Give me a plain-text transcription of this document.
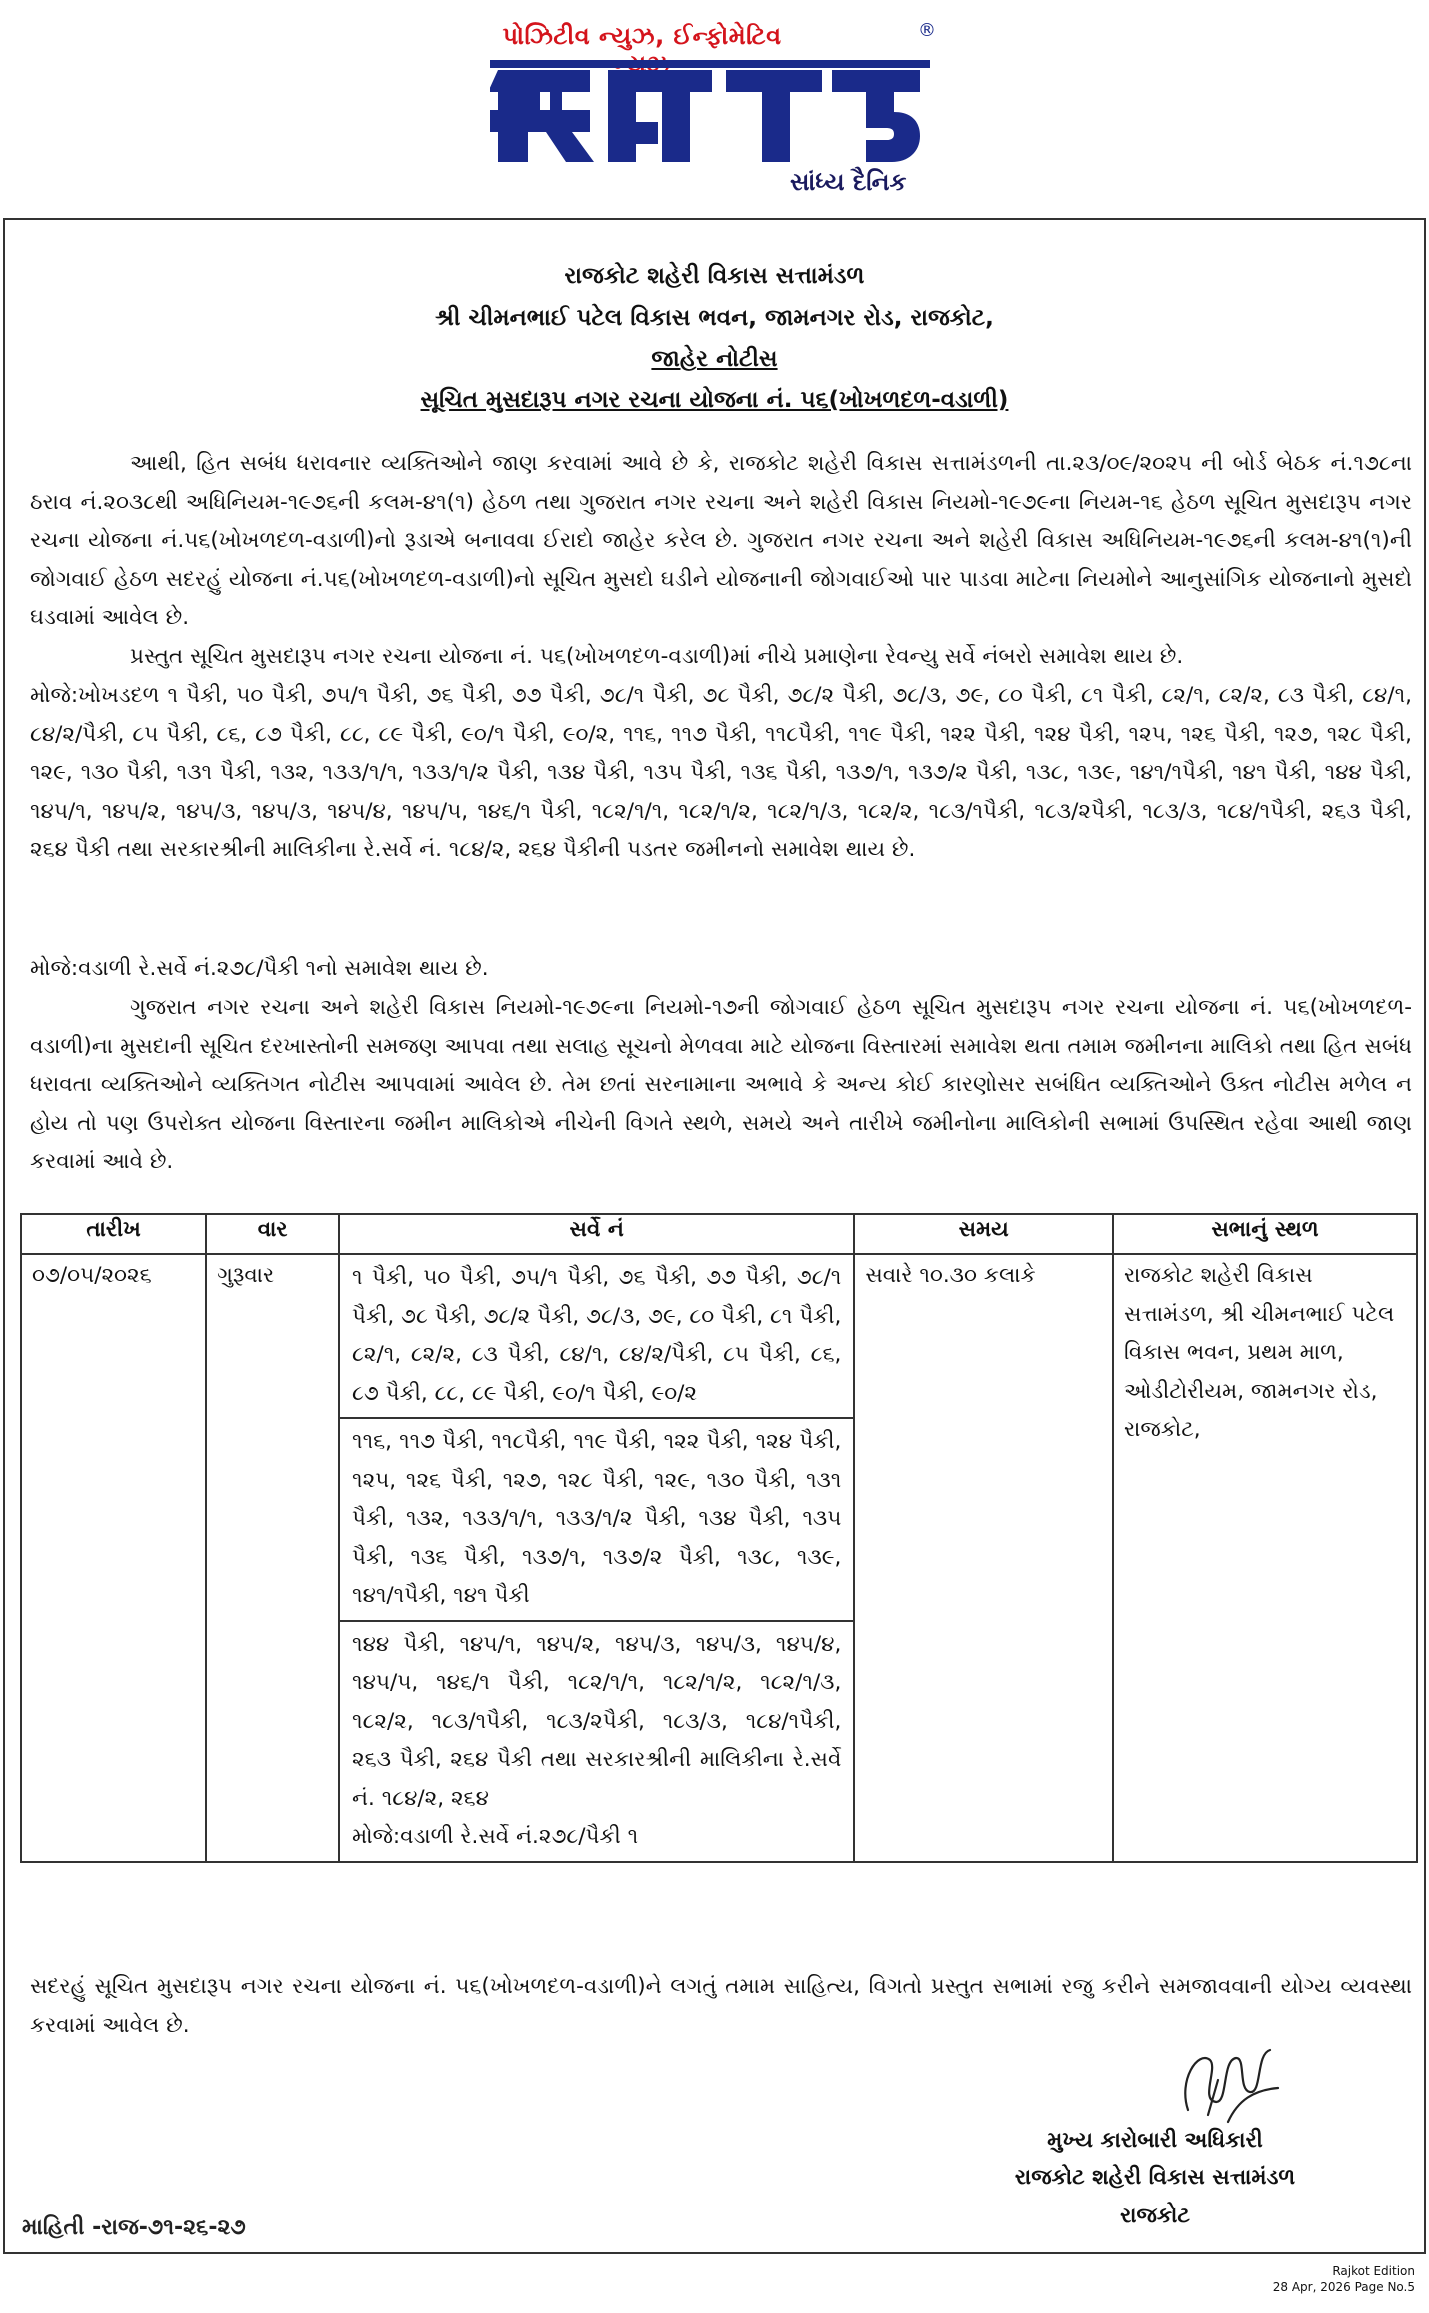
પોઝિટીવ ન્યુઝ, ઈન્ફોમેટિવ	®
સાંધ્ય દૈનિક
રાજકોટ શહેરી વિકાસ સત્તામંડળ
શ્રી ચીમનભાઈ પટેલ વિકાસ ભવન, જામનગર રોડ, રાજકોટ,
જાહેર નોટીસ
સૂચિત મુસદારૂપ નગર રચના યોજના નં. ૫૬(ખોખળદળ-વડાળી)

આથી, હિત સબંધ ધરાવનાર વ્યક્તિઓને જાણ કરવામાં આવે છે કે, રાજકોટ શહેરી વિકાસ સત્તામંડળની તા.૨૩/૦૯/૨૦૨૫ ની બોર્ડ બેઠક નં.૧૭૮ના ઠરાવ નં.૨૦૩૮થી અધિનિયમ-૧૯૭૬ની કલમ-૪૧(૧) હેઠળ તથા ગુજરાત નગર રચના અને શહેરી વિકાસ નિયમો-૧૯૭૯ના નિયમ-૧૬ હેઠળ સૂચિત મુસદારૂપ નગર રચના યોજના નં.૫૬(ખોખળદળ-વડાળી)નો રૂડાએ બનાવવા ઈરાદો જાહેર કરેલ છે. ગુજરાત નગર રચના અને શહેરી વિકાસ અધિનિયમ-૧૯૭૬ની કલમ-૪૧(૧)ની જોગવાઈ હેઠળ સદરહું યોજના નં.૫૬(ખોખળદળ-વડાળી)નો સૂચિત મુસદો ઘડીને યોજનાની જોગવાઈઓ પાર પાડવા માટેના નિયમોને આનુસાંગિક યોજનાનો મુસદો ઘડવામાં આવેલ છે.

પ્રસ્તુત સૂચિત મુસદારૂપ નગર રચના યોજના નં. ૫૬(ખોખળદળ-વડાળી)માં નીચે પ્રમાણેના રેવન્યુ સર્વે નંબરો સમાવેશ થાય છે.

મોજે:ખોખડદળ ૧ પૈકી, ૫૦ પૈકી, ૭૫/૧ પૈકી, ૭૬ પૈકી, ૭૭ પૈકી, ૭૮/૧ પૈકી, ૭૮ પૈકી, ૭૮/૨ પૈકી, ૭૮/૩, ૭૯, ૮૦ પૈકી, ૮૧ પૈકી, ૮૨/૧, ૮૨/૨, ૮૩ પૈકી, ૮૪/૧, ૮૪/૨/પૈકી, ૮૫ પૈકી, ૮૬, ૮૭ પૈકી, ૮૮, ૮૯ પૈકી, ૯૦/૧ પૈકી, ૯૦/૨, ૧૧૬, ૧૧૭ પૈકી, ૧૧૮પૈકી, ૧૧૯ પૈકી, ૧૨૨ પૈકી, ૧૨૪ પૈકી, ૧૨૫, ૧૨૬ પૈકી, ૧૨૭, ૧૨૮ પૈકી, ૧૨૯, ૧૩૦ પૈકી, ૧૩૧ પૈકી, ૧૩૨, ૧૩૩/૧/૧, ૧૩૩/૧/૨ પૈકી, ૧૩૪ પૈકી, ૧૩૫ પૈકી, ૧૩૬ પૈકી, ૧૩૭/૧, ૧૩૭/૨ પૈકી, ૧૩૮, ૧૩૯, ૧૪૧/૧પૈકી, ૧૪૧ પૈકી, ૧૪૪ પૈકી, ૧૪૫/૧, ૧૪૫/૨, ૧૪૫/૩, ૧૪૫/૩, ૧૪૫/૪, ૧૪૫/૫, ૧૪૬/૧ પૈકી, ૧૮૨/૧/૧, ૧૮૨/૧/૨, ૧૮૨/૧/૩, ૧૮૨/૨, ૧૮૩/૧પૈકી, ૧૮૩/૨પૈકી, ૧૮૩/૩, ૧૮૪/૧પૈકી, ૨૬૩ પૈકી, ૨૬૪ પૈકી તથા સરકારશ્રીની માલિકીના રે.સર્વે નં. ૧૮૪/૨, ૨૬૪ પૈકીની પડતર જમીનનો સમાવેશ થાય છે.

મોજે:વડાળી રે.સર્વે નં.૨૭૮/પૈકી ૧નો સમાવેશ થાય છે.

ગુજરાત નગર રચના અને શહેરી વિકાસ નિયમો-૧૯૭૯ના નિયમો-૧૭ની જોગવાઈ હેઠળ સૂચિત મુસદારૂપ નગર રચના યોજના નં. ૫૬(ખોખળદળ-વડાળી)ના મુસદાની સૂચિત દરખાસ્તોની સમજણ આપવા તથા સલાહ સૂચનો મેળવવા માટે યોજના વિસ્તારમાં સમાવેશ થતા તમામ જમીનના માલિકો તથા હિત સબંધ ધરાવતા વ્યક્તિઓને વ્યક્તિગત નોટીસ આપવામાં આવેલ છે. તેમ છતાં સરનામાના અભાવે કે અન્ય કોઈ કારણોસર સબંધિત વ્યક્તિઓને ઉક્ત નોટીસ મળેલ ન હોય તો પણ ઉપરોક્ત યોજના વિસ્તારના જમીન માલિકોએ નીચેની વિગતે સ્થળે, સમયે અને તારીખે જમીનોના માલિકોની સભામાં ઉપસ્થિત રહેવા આથી જાણ કરવામાં આવે છે.

તારીખ	વાર	સર્વે નં	સમય	સભાનું સ્થળ
૦૭/૦૫/૨૦૨૬	ગુરૂવાર	૧ પૈકી, ૫૦ પૈકી, ૭૫/૧ પૈકી, ૭૬ પૈકી, ૭૭ પૈકી, ૭૮/૧ પૈકી, ૭૮ પૈકી, ૭૮/૨ પૈકી, ૭૮/૩, ૭૯, ૮૦ પૈકી, ૮૧ પૈકી, ૮૨/૧, ૮૨/૨, ૮૩ પૈકી, ૮૪/૧, ૮૪/૨/પૈકી, ૮૫ પૈકી, ૮૬, ૮૭ પૈકી, ૮૮, ૮૯ પૈકી, ૯૦/૧ પૈકી, ૯૦/૨	સવારે ૧૦.૩૦ કલાકે	રાજકોટ શહેરી વિકાસ સત્તામંડળ, શ્રી ચીમનભાઈ પટેલ વિકાસ ભવન, પ્રથમ માળ, ઓડીટોરીયમ, જામનગર રોડ, રાજકોટ,
		૧૧૬, ૧૧૭ પૈકી, ૧૧૮પૈકી, ૧૧૯ પૈકી, ૧૨૨ પૈકી, ૧૨૪ પૈકી, ૧૨૫, ૧૨૬ પૈકી, ૧૨૭, ૧૨૮ પૈકી, ૧૨૯, ૧૩૦ પૈકી, ૧૩૧ પૈકી, ૧૩૨, ૧૩૩/૧/૧, ૧૩૩/૧/૨ પૈકી, ૧૩૪ પૈકી, ૧૩૫ પૈકી, ૧૩૬ પૈકી, ૧૩૭/૧, ૧૩૭/૨ પૈકી, ૧૩૮, ૧૩૯, ૧૪૧/૧પૈકી, ૧૪૧ પૈકી		

		૧૪૪ પૈકી, ૧૪૫/૧, ૧૪૫/૨, ૧૪૫/૩, ૧૪૫/૩, ૧૪૫/૪, ૧૪૫/૫, ૧૪૬/૧ પૈકી, ૧૮૨/૧/૧, ૧૮૨/૧/૨, ૧૮૨/૧/૩, ૧૮૨/૨, ૧૮૩/૧પૈકી, ૧૮૩/૨પૈકી, ૧૮૩/૩, ૧૮૪/૧પૈકી, ૨૬૩ પૈકી, ૨૬૪ પૈકી તથા સરકારશ્રીની માલિકીના રે.સર્વે નં. ૧૮૪/૨, ૨૬૪
મોજે:વડાળી રે.સર્વે નં.૨૭૮/પૈકી ૧		

સદરહું સૂચિત મુસદારૂપ નગર રચના યોજના નં. ૫૬(ખોખળદળ-વડાળી)ને લગતું તમામ સાહિત્ય, વિગતો પ્રસ્તુત સભામાં રજુ કરીને સમજાવવાની યોગ્ય વ્યવસ્થા કરવામાં આવેલ છે.

મુખ્ય કારોબારી અધિકારી
રાજકોટ શહેરી વિકાસ સત્તામંડળ
રાજકોટ
માહિતી -રાજ-૭૧-૨૬-૨૭
Rajkot Edition
28 Apr, 2026 Page No.5
